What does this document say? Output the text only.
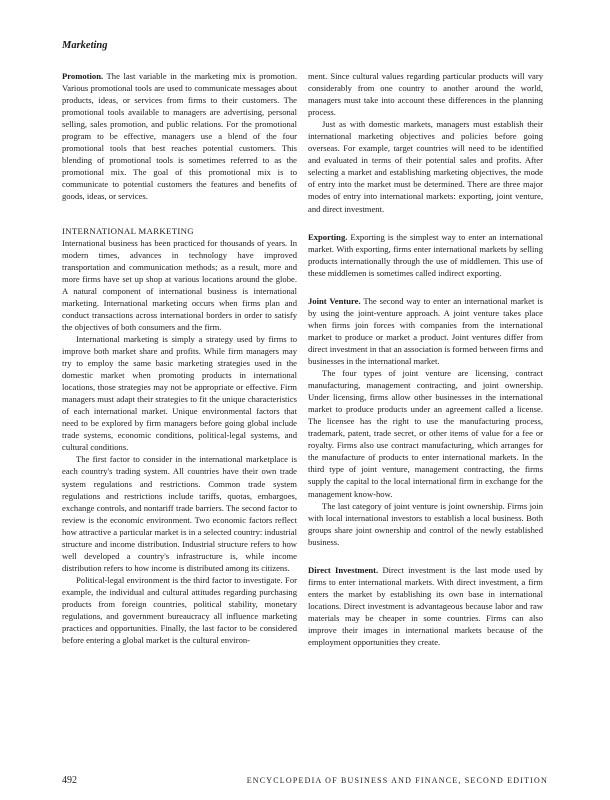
Marketing

Promotion. The last variable in the marketing mix is promotion. Various promotional tools are used to communicate messages about products, ideas, or services from firms to their customers. The promotional tools available to managers are advertising, personal selling, sales promotion, and public relations. For the promotional program to be effective, managers use a blend of the four promotional tools that best reaches potential customers. This blending of promotional tools is sometimes referred to as the promotional mix. The goal of this promotional mix is to communicate to potential customers the features and benefits of goods, ideas, or services.

INTERNATIONAL MARKETING

International business has been practiced for thousands of years. In modern times, advances in technology have improved transportation and communication methods; as a result, more and more firms have set up shop at various locations around the globe. A natural component of international business is international marketing. International marketing occurs when firms plan and conduct transactions across international borders in order to satisfy the objectives of both consumers and the firm.

International marketing is simply a strategy used by firms to improve both market share and profits. While firm managers may try to employ the same basic marketing strategies used in the domestic market when promoting products in international locations, those strategies may not be appropriate or effective. Firm managers must adapt their strategies to fit the unique characteristics of each international market. Unique environmental factors that need to be explored by firm managers before going global include trade systems, economic conditions, political-legal systems, and cultural conditions.

The first factor to consider in the international marketplace is each country's trading system. All countries have their own trade system regulations and restrictions. Common trade system regulations and restrictions include tariffs, quotas, embargoes, exchange controls, and nontariff trade barriers. The second factor to review is the economic environment. Two economic factors reflect how attractive a particular market is in a selected country: industrial structure and income distribution. Industrial structure refers to how well developed a country's infrastructure is, while income distribution refers to how income is distributed among its citizens.

Political-legal environment is the third factor to investigate. For example, the individual and cultural attitudes regarding purchasing products from foreign countries, political stability, monetary regulations, and government bureaucracy all influence marketing practices and opportunities. Finally, the last factor to be considered before entering a global market is the cultural environ-

ment. Since cultural values regarding particular products will vary considerably from one country to another around the world, managers must take into account these differences in the planning process.

Just as with domestic markets, managers must establish their international marketing objectives and policies before going overseas. For example, target countries will need to be identified and evaluated in terms of their potential sales and profits. After selecting a market and establishing marketing objectives, the mode of entry into the market must be determined. There are three major modes of entry into international markets: exporting, joint venture, and direct investment.

Exporting. Exporting is the simplest way to enter an international market. With exporting, firms enter international markets by selling products internationally through the use of middlemen. This use of these middlemen is sometimes called indirect exporting.

Joint Venture. The second way to enter an international market is by using the joint-venture approach. A joint venture takes place when firms join forces with companies from the international market to produce or market a product. Joint ventures differ from direct investment in that an association is formed between firms and businesses in the international market.

The four types of joint venture are licensing, contract manufacturing, management contracting, and joint ownership. Under licensing, firms allow other businesses in the international market to produce products under an agreement called a license. The licensee has the right to use the manufacturing process, trademark, patent, trade secret, or other items of value for a fee or royalty. Firms also use contract manufacturing, which arranges for the manufacture of products to enter international markets. In the third type of joint venture, management contracting, the firms supply the capital to the local international firm in exchange for the management know-how.

The last category of joint venture is joint ownership. Firms join with local international investors to establish a local business. Both groups share joint ownership and control of the newly established business.

Direct Investment. Direct investment is the last mode used by firms to enter international markets. With direct investment, a firm enters the market by establishing its own base in international locations. Direct investment is advantageous because labor and raw materials may be cheaper in some countries. Firms can also improve their images in international markets because of the employment opportunities they create.

492	ENCYCLOPEDIA OF BUSINESS AND FINANCE, SECOND EDITION
